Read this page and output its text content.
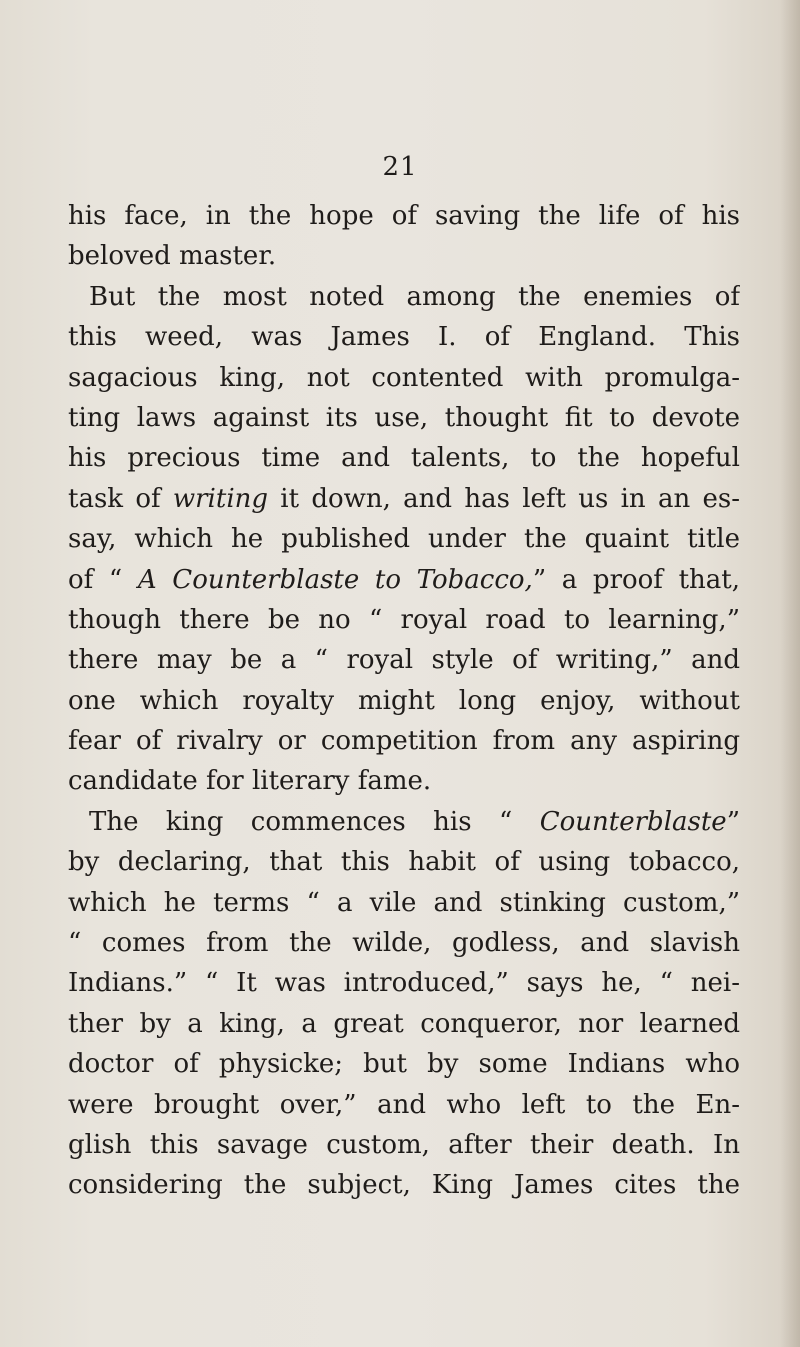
21
his face, in the hope of saving the life of his
beloved master.
But the most noted among the enemies of
this weed, was James I. of England. This
sagacious king, not contented with promulga-
ting laws against its use, thought fit to devote
his precious time and talents, to the hopeful
task of writing it down, and has left us in an es-
say, which he published under the quaint title
of “ A Counterblaste to Tobacco,” a proof that,
though there be no “ royal road to learning,”
there may be a “ royal style of writing,” and
one which royalty might long enjoy, without
fear of rivalry or competition from any aspiring
candidate for literary fame.
The king commences his “ Counterblaste”
by declaring, that this habit of using tobacco,
which he terms “ a vile and stinking custom,”
“ comes from the wilde, godless, and slavish
Indians.” “ It was introduced,” says he, “ nei-
ther by a king, a great conqueror, nor learned
doctor of physicke; but by some Indians who
were brought over,” and who left to the En-
glish this savage custom, after their death. In
considering the subject, King James cites the
